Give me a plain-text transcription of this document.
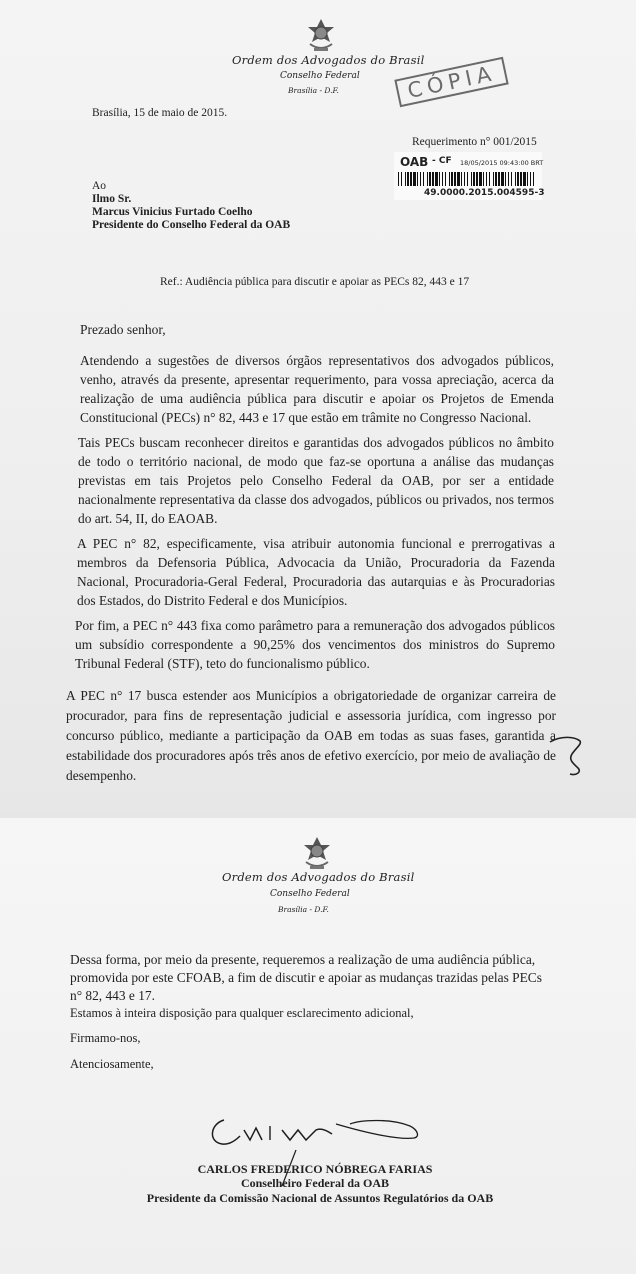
Ordem dos Advogados do Brasil
Conselho Federal
Brasília - D.F.	CÓPIA
Brasília, 15 de maio de 2015.
Requerimento n° 001/2015
OAB - CF 18/05/2015 09:43:00 BRT
49.0000.2015.004595-3
Ao
Ilmo Sr.
Marcus Vinicius Furtado Coelho
Presidente do Conselho Federal da OAB
Ref.: Audiência pública para discutir e apoiar as PECs 82, 443 e 17
Prezado senhor,
Atendendo a sugestões de diversos órgãos representativos dos advogados públicos, venho, através da presente, apresentar requerimento, para vossa apreciação, acerca da realização de uma audiência pública para discutir e apoiar os Projetos de Emenda Constitucional (PECs) n° 82, 443 e 17 que estão em trâmite no Congresso Nacional.
Tais PECs buscam reconhecer direitos e garantidas dos advogados públicos no âmbito de todo o território nacional, de modo que faz-se oportuna a análise das mudanças previstas em tais Projetos pelo Conselho Federal da OAB, por ser a entidade nacionalmente representativa da classe dos advogados, públicos ou privados, nos termos do art. 54, II, do EAOAB.
A PEC n° 82, especificamente, visa atribuir autonomia funcional e prerrogativas a membros da Defensoria Pública, Advocacia da União, Procuradoria da Fazenda Nacional, Procuradoria-Geral Federal, Procuradoria das autarquias e às Procuradorias dos Estados, do Distrito Federal e dos Municípios.
Por fim, a PEC n° 443 fixa como parâmetro para a remuneração dos advogados públicos um subsídio correspondente a 90,25% dos vencimentos dos ministros do Supremo Tribunal Federal (STF), teto do funcionalismo público.
A PEC n° 17 busca estender aos Municípios a obrigatoriedade de organizar carreira de procurador, para fins de representação judicial e assessoria jurídica, com ingresso por concurso público, mediante a participação da OAB em todas as suas fases, garantida a estabilidade dos procuradores após três anos de efetivo exercício, por meio de avaliação de desempenho.
Ordem dos Advogados do Brasil
Conselho Federal
Brasília - D.F.
Dessa forma, por meio da presente, requeremos a realização de uma audiência pública, promovida por este CFOAB, a fim de discutir e apoiar as mudanças trazidas pelas PECs n° 82, 443 e 17.
Estamos à inteira disposição para qualquer esclarecimento adicional,
Firmamo-nos,
Atenciosamente,
CARLOS FREDERICO NÓBREGA FARIAS
Conselheiro Federal da OAB
Presidente da Comissão Nacional de Assuntos Regulatórios da OAB
